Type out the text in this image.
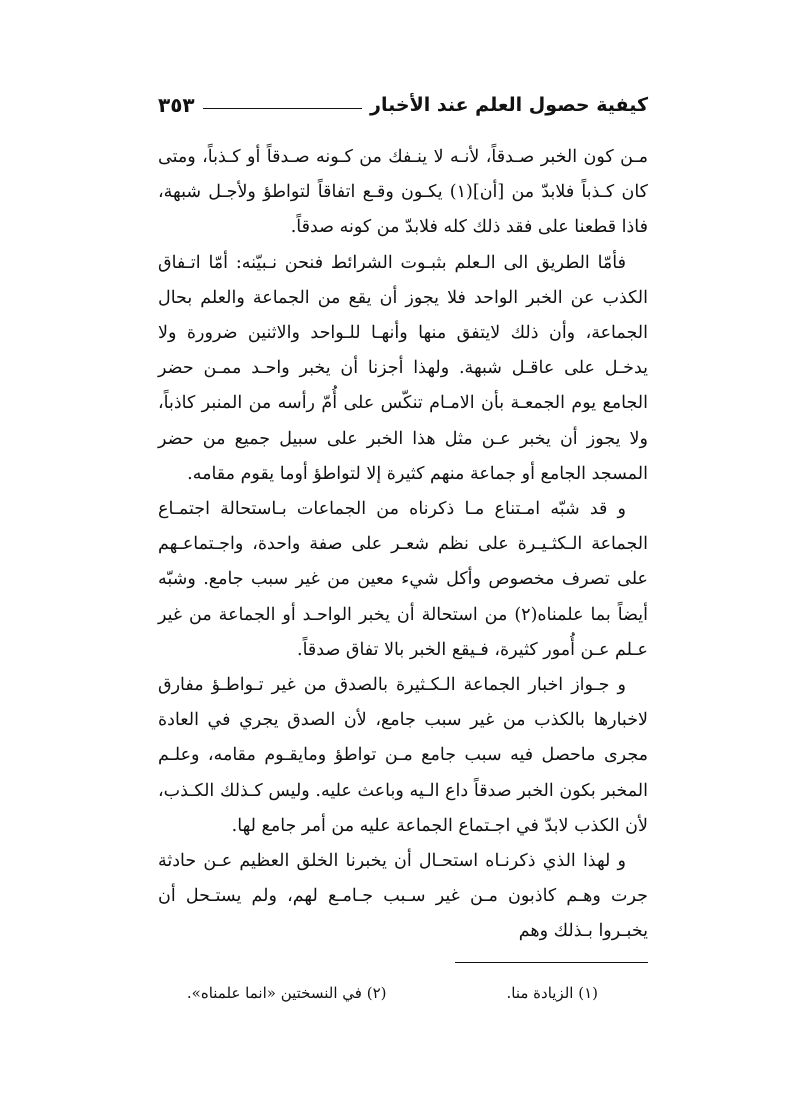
كيفية حصول العلم عند الأخبار
٣٥٣

مـن كون الخبر صـدقاً، لأنـه لا ينـفك من كـونه صـدقاً أو كـذباً، ومتى كان كـذباً فلابدّ من [أن](١) يكـون وقـع اتفاقاً لتواطؤ ولأجـل شبهة، فاذا قطعنا على فقد ذلك كله فلابدّ من كونه صدقاً.

فأمّا الطريق الى الـعلم بثبـوت الشرائط فنحن نـبيّنه: أمّا اتـفاق الكذب عن الخبر الواحد فلا يجوز أن يقع من الجماعة والعلم بحال الجماعة، وأن ذلك لايتفق منها وأنهـا للـواحد والاثنين ضرورة ولا يدخـل على عاقـل شبهة. ولهذا أجزنا أن يخبر واحـد ممـن حضر الجامع يوم الجمعـة بأن الامـام تنكّس على أُمّ رأسه من المنبر كاذباً، ولا يجوز أن يخبر عـن مثل هذا الخبر على سبيل جميع من حضر المسجد الجامع أو جماعة منهم كثيرة إلا لتواطؤ أوما يقوم مقامه.

و قد شبّه امـتناع مـا ذكرناه من الجماعات بـاستحالة اجتمـاع الجماعة الـكثـيـرة على نظم شعـر على صفة واحدة، واجـتماعـهم على تصرف مخصوص وأكل شيء معين من غير سبب جامع. وشبّه أيضاً بما علمناه(٢) من استحالة أن يخبر الواحـد أو الجماعة من غير عـلم عـن أُمور كثيرة، فـيقع الخبر بالا تفاق صدقاً.

و جـواز اخبار الجماعة الـكـثيرة بالصدق من غير تـواطـؤ مفارق لاخبارها بالكذب من غير سبب جامع، لأن الصدق يجري في العادة مجرى ماحصل فيه سبب جامع مـن تواطؤ ومايقـوم مقامه، وعلـم المخبر بكون الخبر صدقاً داع الـيه وباعث عليه. وليس كـذلك الكـذب، لأن الكذب لابدّ في اجـتماع الجماعة عليه من أمر جامع لها.

و لهذا الذي ذكرنـاه استحـال أن يخبرنا الخلق العظيم عـن حادثة جرت وهـم كاذبون مـن غير سـبب جـامـع لهم، ولم يستـحل أن يخبـروا بـذلك وهم

(١) الزيادة منا.
(٢) في النسختين «انما علمناه».
